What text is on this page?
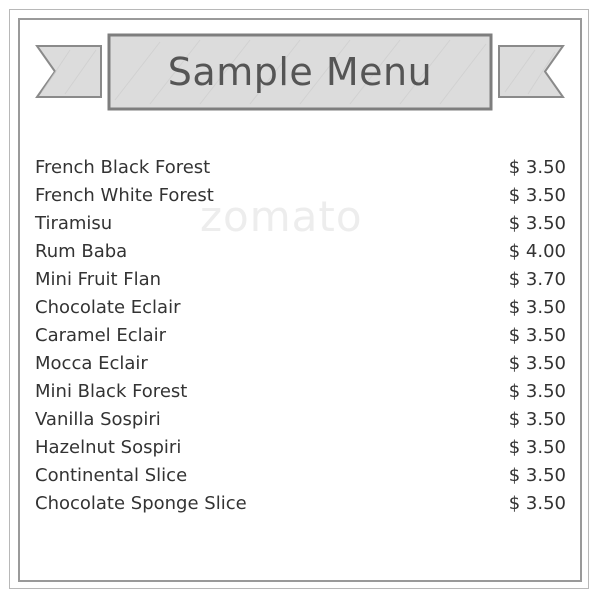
Sample Menu
zomato
French Black Forest	$ 3.50
French White Forest	$ 3.50
Tiramisu	$ 3.50
Rum Baba	$ 4.00
Mini Fruit Flan	$ 3.70
Chocolate Eclair	$ 3.50
Caramel Eclair	$ 3.50
Mocca Eclair	$ 3.50
Mini Black Forest	$ 3.50
Vanilla Sospiri	$ 3.50
Hazelnut Sospiri	$ 3.50
Continental Slice	$ 3.50
Chocolate Sponge Slice	$ 3.50
